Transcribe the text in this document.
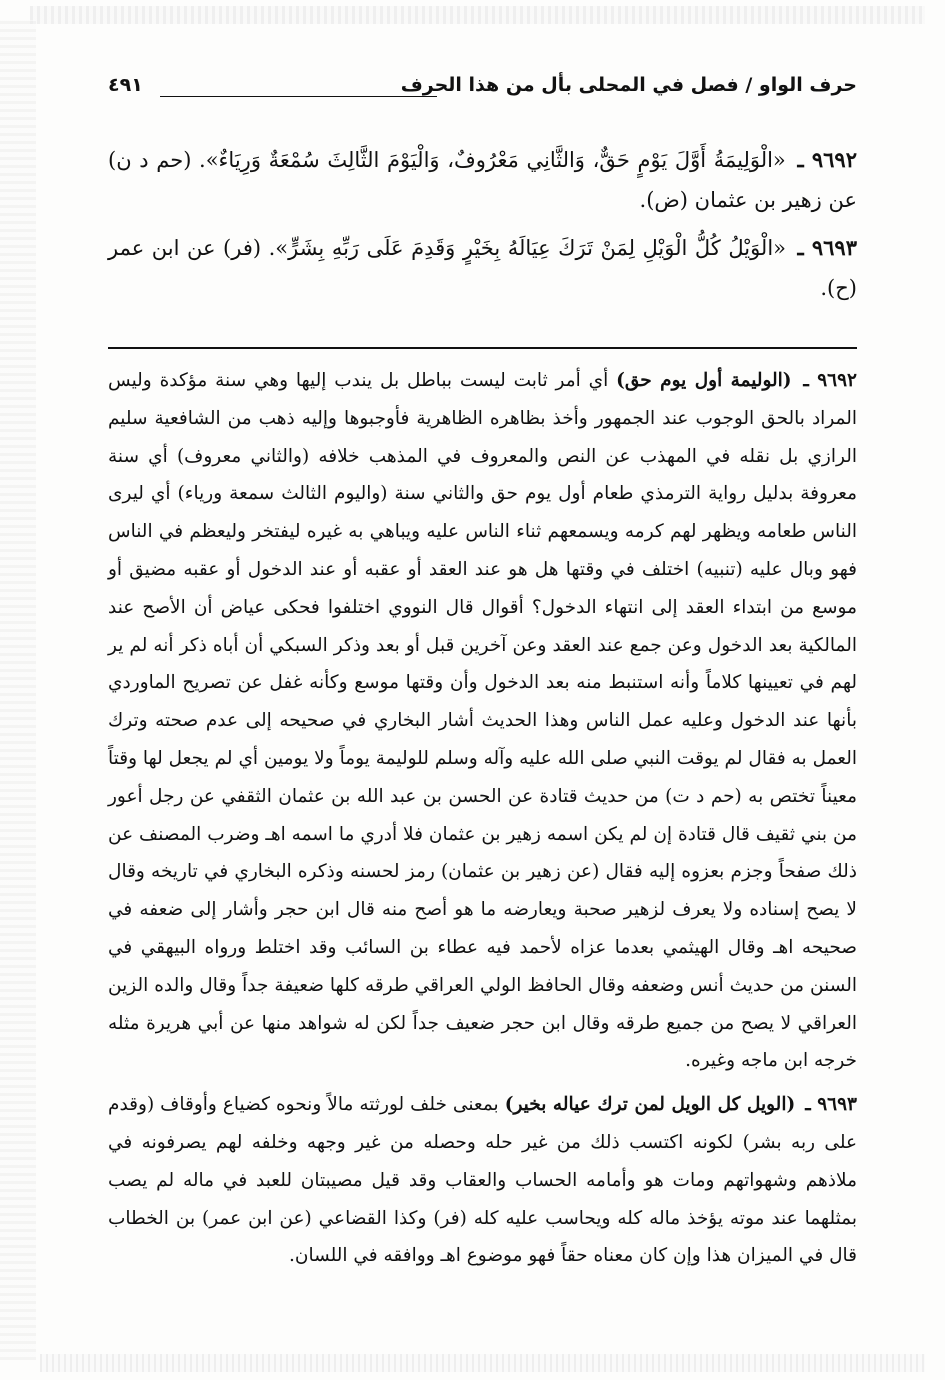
حرف الواو / فصل في المحلى بأل من هذا الحرف
٤٩١

٩٦٩٢ ـ «الْوَلِيمَةُ أَوَّلَ يَوْمٍ حَقٌّ، وَالثَّانِي مَعْرُوفٌ، وَالْيَوْمَ الثَّالِثَ سُمْعَةٌ وَرِيَاءٌ». (حم د ن) عن زهير بن عثمان (ض).

٩٦٩٣ ـ «الْوَيْلُ كُلُّ الْوَيْلِ لِمَنْ تَرَكَ عِيَالَهُ بِخَيْرٍ وَقَدِمَ عَلَى رَبِّهِ بِشَرٍّ». (فر) عن ابن عمر (ح).

٩٦٩٢ ـ (الوليمة أول يوم حق) أي أمر ثابت ليست بباطل بل يندب إليها وهي سنة مؤكدة وليس المراد بالحق الوجوب عند الجمهور وأخذ بظاهره الظاهرية فأوجبوها وإليه ذهب من الشافعية سليم الرازي بل نقله في المهذب عن النص والمعروف في المذهب خلافه (والثاني معروف) أي سنة معروفة بدليل رواية الترمذي طعام أول يوم حق والثاني سنة (واليوم الثالث سمعة ورياء) أي ليرى الناس طعامه ويظهر لهم كرمه ويسمعهم ثناء الناس عليه ويباهي به غيره ليفتخر وليعظم في الناس فهو وبال عليه (تنبيه) اختلف في وقتها هل هو عند العقد أو عقبه أو عند الدخول أو عقبه مضيق أو موسع من ابتداء العقد إلى انتهاء الدخول؟ أقوال قال النووي اختلفوا فحكى عياض أن الأصح عند المالكية بعد الدخول وعن جمع عند العقد وعن آخرين قبل أو بعد وذكر السبكي أن أباه ذكر أنه لم ير لهم في تعيينها كلاماً وأنه استنبط منه بعد الدخول وأن وقتها موسع وكأنه غفل عن تصريح الماوردي بأنها عند الدخول وعليه عمل الناس وهذا الحديث أشار البخاري في صحيحه إلى عدم صحته وترك العمل به فقال لم يوقت النبي صلى الله عليه وآله وسلم للوليمة يوماً ولا يومين أي لم يجعل لها وقتاً معيناً تختص به (حم د ت) من حديث قتادة عن الحسن بن عبد الله بن عثمان الثقفي عن رجل أعور من بني ثقيف قال قتادة إن لم يكن اسمه زهير بن عثمان فلا أدري ما اسمه اهـ وضرب المصنف عن ذلك صفحاً وجزم بعزوه إليه فقال (عن زهير بن عثمان) رمز لحسنه وذكره البخاري في تاريخه وقال لا يصح إسناده ولا يعرف لزهير صحبة ويعارضه ما هو أصح منه قال ابن حجر وأشار إلى ضعفه في صحيحه اهـ وقال الهيثمي بعدما عزاه لأحمد فيه عطاء بن السائب وقد اختلط ورواه البيهقي في السنن من حديث أنس وضعفه وقال الحافظ الولي العراقي طرقه كلها ضعيفة جداً وقال والده الزين العراقي لا يصح من جميع طرقه وقال ابن حجر ضعيف جداً لكن له شواهد منها عن أبي هريرة مثله خرجه ابن ماجه وغيره.

٩٦٩٣ ـ (الويل كل الويل لمن ترك عياله بخير) بمعنى خلف لورثته مالاً ونحوه كضياع وأوقاف (وقدم على ربه بشر) لكونه اكتسب ذلك من غير حله وحصله من غير وجهه وخلفه لهم يصرفونه في ملاذهم وشهواتهم ومات هو وأمامه الحساب والعقاب وقد قيل مصيبتان للعبد في ماله لم يصب بمثلهما عند موته يؤخذ ماله كله ويحاسب عليه كله (فر) وكذا القضاعي (عن ابن عمر) بن الخطاب قال في الميزان هذا وإن كان معناه حقاً فهو موضوع اهـ ووافقه في اللسان.
